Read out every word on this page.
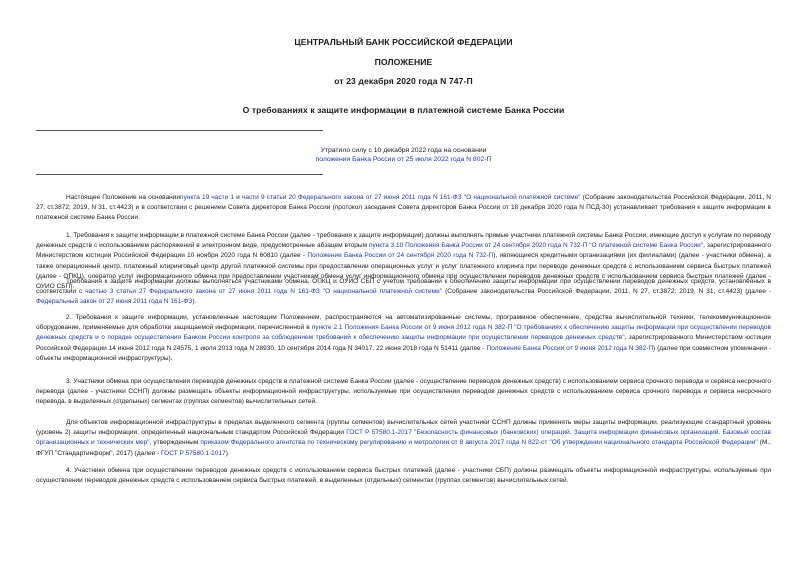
ЦЕНТРАЛЬНЫЙ БАНК РОССИЙСКОЙ ФЕДЕРАЦИИ
ПОЛОЖЕНИЕ
от 23 декабря 2020 года N 747-П
О требованиях к защите информации в платежной системе Банка России
Утратило силу с 10 декабря 2022 года на основании
положения Банка России от 25 июля 2022 года N 802-П

Настоящее Положение на основаниипункта 19 части 1 и части 9 статьи 20 Федерального закона от 27 июня 2011 года N 161-ФЗ "О национальной платежной системе" (Собрание законодательства Российской Федерации, 2011, N 27, ст.3872; 2019, N 31, ст.4423) и в соответствии с решением Совета директоров Банка России (протокол заседания Совета директоров Банка России от 18 декабря 2020 года N ПСД-30) устанавливает требования к защите информации в платежной системе Банка России.

1. Требования к защите информации в платежной системе Банка России (далее - требования к защите информации) должны выполнять прямые участники платежной системы Банка России, имеющие доступ к услугам по переводу денежных средств с использованием распоряжений в электронном виде, предусмотренные абзацем вторым пункта 3.10 Положения Банка России от 24 сентября 2020 года N 732-П "О платежной системе Банка России", зарегистрированного Министерством юстиции Российской Федерации 10 ноября 2020 года N 60810 (далее - Положение Банка России от 24 сентября 2020 года N 732-П), являющиеся кредитными организациями (их филиалами) (далее - участники обмена), а также операционный центр, платежный клиринговый центр другой платежной системы при предоставлении операционных услуг и услуг платежного клиринга при переводе денежных средств с использованием сервиса быстрых платежей (далее - ОПКЦ), оператор услуг информационного обмена при предоставлении участникам обмена услуг информационного обмена при осуществлении переводов денежных средств с использованием сервиса быстрых платежей (далее - ОУИО СБП).

Требования к защите информации должны выполняться участниками обмена, ОПКЦ и ОУИО СБП с учетом требований к обеспечению защиты информации при осуществлении переводов денежных средств, установленных в соответствии с частью 3 статьи 27 Федерального закона от 27 июня 2011 года N 161-ФЗ "О национальной платежной системе" (Собрание законодательства Российской Федерации, 2011, N 27, ст.3872; 2019, N 31, ст.4423) (далее - Федеральный закон от 27 июня 2011 года N 161-ФЗ).

2. Требования к защите информации, установленные настоящим Положением, распространяются на автоматизированные системы, программное обеспечение, средства вычислительной техники, телекоммуникационное оборудование, применяемые для обработки защищаемой информации, перечисленной в пункте 2.1 Положения Банка России от 9 июня 2012 года N 382-П "О требованиях к обеспечению защиты информации при осуществлении переводов денежных средств и о порядке осуществления Банком России контроля за соблюдением требований к обеспечению защиты информации при осуществлении переводов денежных средств", зарегистрированного Министерством юстиции Российской Федерации 14 июня 2012 года N 24575, 1 июля 2013 года N 28930, 10 сентября 2014 года N 34017, 22 июня 2018 года N 51411 (далее - Положение Банка России от 9 июня 2012 года N 382-П) (далее при совместном упоминании - объекты информационной инфраструктуры).

3. Участники обмена при осуществлении переводов денежных средств в платежной системе Банка России (далее - осуществление переводов денежных средств) с использованием сервиса срочного перевода и сервиса несрочного перевода (далее - участники ССНП) должны размещать объекты информационной инфраструктуры, используемые при осуществлении переводов денежных средств с использованием сервиса срочного перевода и сервиса несрочного перевода, в выделенных (отдельных) сегментах (группах сегментов) вычислительных сетей.

Для объектов информационной инфраструктуры в пределах выделенного сегмента (группы сегментов) вычислительных сетей участники ССНП должны применять меры защиты информации, реализующие стандартный уровень (уровень 2) защиты информации, определенный национальным стандартом Российской Федерации ГОСТ Р 57580.1-2017 "Безопасность финансовых (банковских) операций. Защита информации финансовых организаций. Базовый состав организационных и технических мер", утвержденным приказом Федерального агентства по техническому регулированию и метрологии от 8 августа 2017 года N 822-ст "Об утверждении национального стандарта Российской Федерации" (М., ФГУП "Стандартинформ", 2017) (далее - ГОСТ Р 57580.1-2017).

4. Участники обмена при осуществлении переводов денежных средств с использованием сервиса быстрых платежей (далее - участники СБП) должны размещать объекты информационной инфраструктуры, используемые при осуществлении переводов денежных средств с использованием сервиса быстрых платежей, в выделенных (отдельных) сегментах (группах сегментов) вычислительных сетей.
